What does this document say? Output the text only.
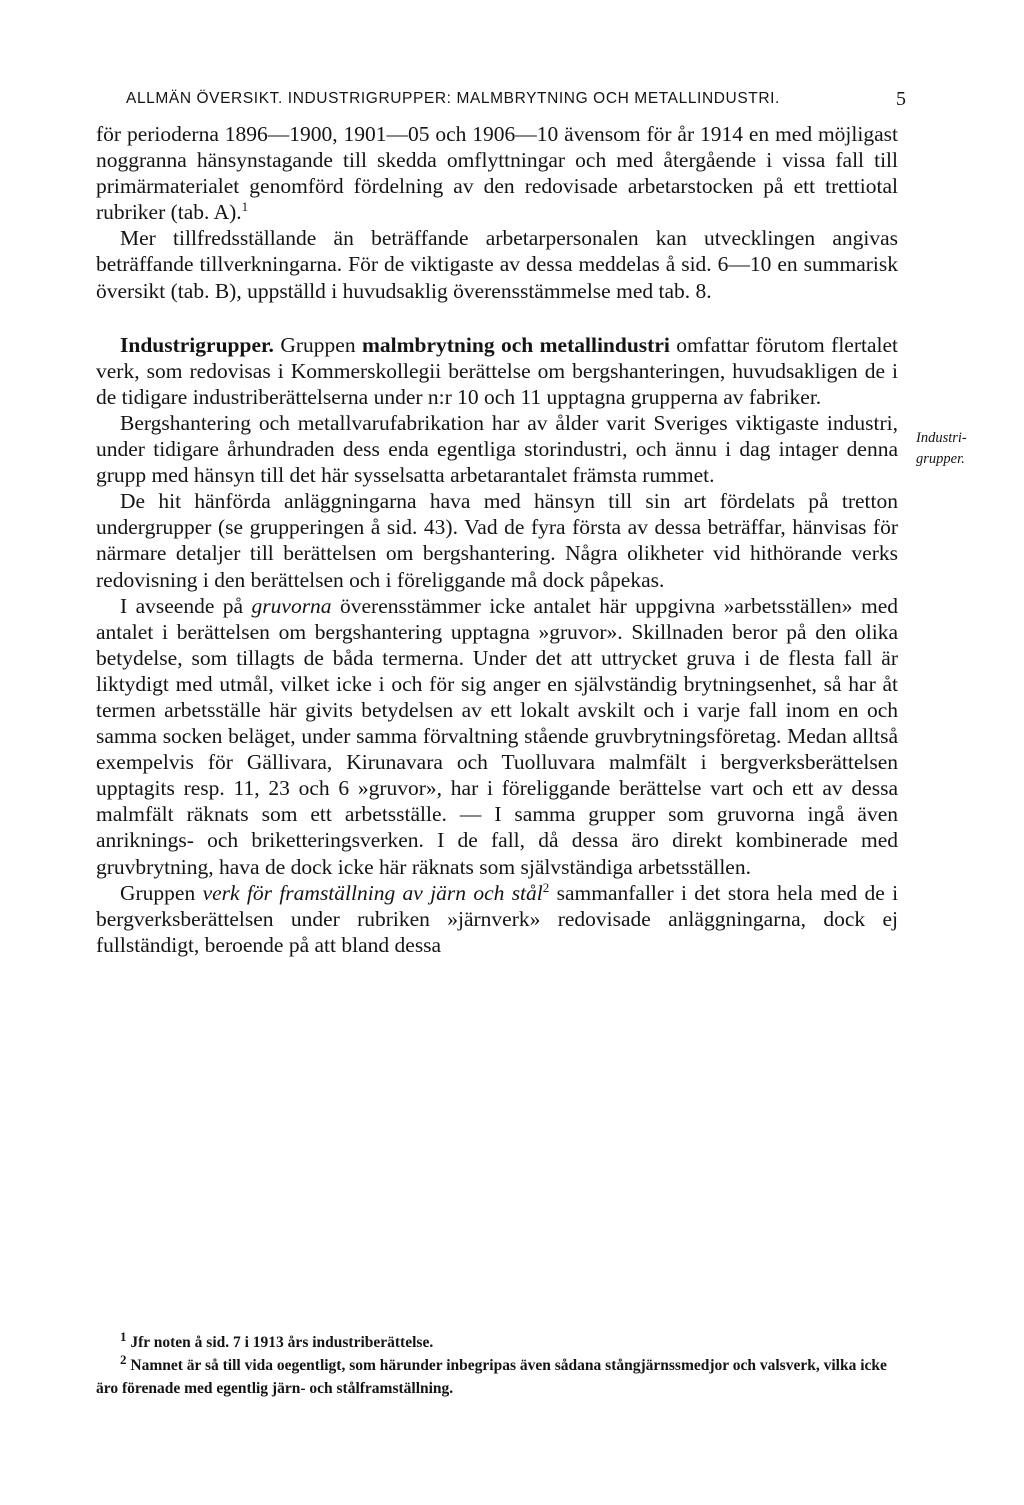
ALLMÄN ÖVERSIKT. INDUSTRIGRUPPER: MALMBRYTNING OCH METALLINDUSTRI.	5

för perioderna 1896—1900, 1901—05 och 1906—10 ävensom för år 1914 en med möjligast noggranna hänsynstagande till skedda omflyttningar och med återgående i vissa fall till primärmaterialet genomförd fördelning av den redovisade arbetarstocken på ett trettiotal rubriker (tab. A).$^1$

Mer tillfredsställande än beträffande arbetarpersonalen kan utvecklingen angivas beträffande tillverkningarna. För de viktigaste av dessa meddelas å sid. 6—10 en summarisk översikt (tab. B), uppställd i huvudsaklig överensstämmelse med tab. 8.

Industrigrupper. Gruppen malmbrytning och metallindustri omfattar förutom flertalet verk, som redovisas i Kommerskollegii berättelse om bergshanteringen, huvudsakligen de i de tidigare industriberättelserna under n:r 10 och 11 upptagna grupperna av fabriker.

Bergshantering och metallvarufabrikation har av ålder varit Sveriges viktigaste industri, under tidigare århundraden dess enda egentliga storindustri, och ännu i dag intager denna grupp med hänsyn till det här sysselsatta arbetarantalet främsta rummet.

De hit hänförda anläggningarna hava med hänsyn till sin art fördelats på tretton undergrupper (se grupperingen å sid. 43). Vad de fyra första av dessa beträffar, hänvisas för närmare detaljer till berättelsen om bergshantering. Några olikheter vid hithörande verks redovisning i den berättelsen och i föreliggande må dock påpekas.

I avseende på gruvorna överensstämmer icke antalet här uppgivna »arbetsställen» med antalet i berättelsen om bergshantering upptagna »gruvor». Skillnaden beror på den olika betydelse, som tillagts de båda termerna. Under det att uttrycket gruva i de flesta fall är liktydigt med utmål, vilket icke i och för sig anger en självständig brytningsenhet, så har åt termen arbetsställe här givits betydelsen av ett lokalt avskilt och i varje fall inom en och samma socken beläget, under samma förvaltning stående gruvbrytningsföretag. Medan alltså exempelvis för Gällivara, Kirunavara och Tuolluvara malmfält i bergverksberättelsen upptagits resp. 11, 23 och 6 »gruvor», har i föreliggande berättelse vart och ett av dessa malmfält räknats som ett arbetsställe. — I samma grupper som gruvorna ingå även anriknings- och briketteringsverken. I de fall, då dessa äro direkt kombinerade med gruvbrytning, hava de dock icke här räknats som självständiga arbetsställen.

Gruppen verk för framställning av järn och stål$^2$ sammanfaller i det stora hela med de i bergverksberättelsen under rubriken »järnverk» redovisade anläggningarna, dock ej fullständigt, beroende på att bland dessa

Industri-
grupper.

$^1$ Jfr noten å sid. 7 i 1913 års industriberättelse.

$^2$ Namnet är så till vida oegentligt, som härunder inbegripas även sådana stångjärnssmedjor och valsverk, vilka icke äro förenade med egentlig järn- och stålframställning.
